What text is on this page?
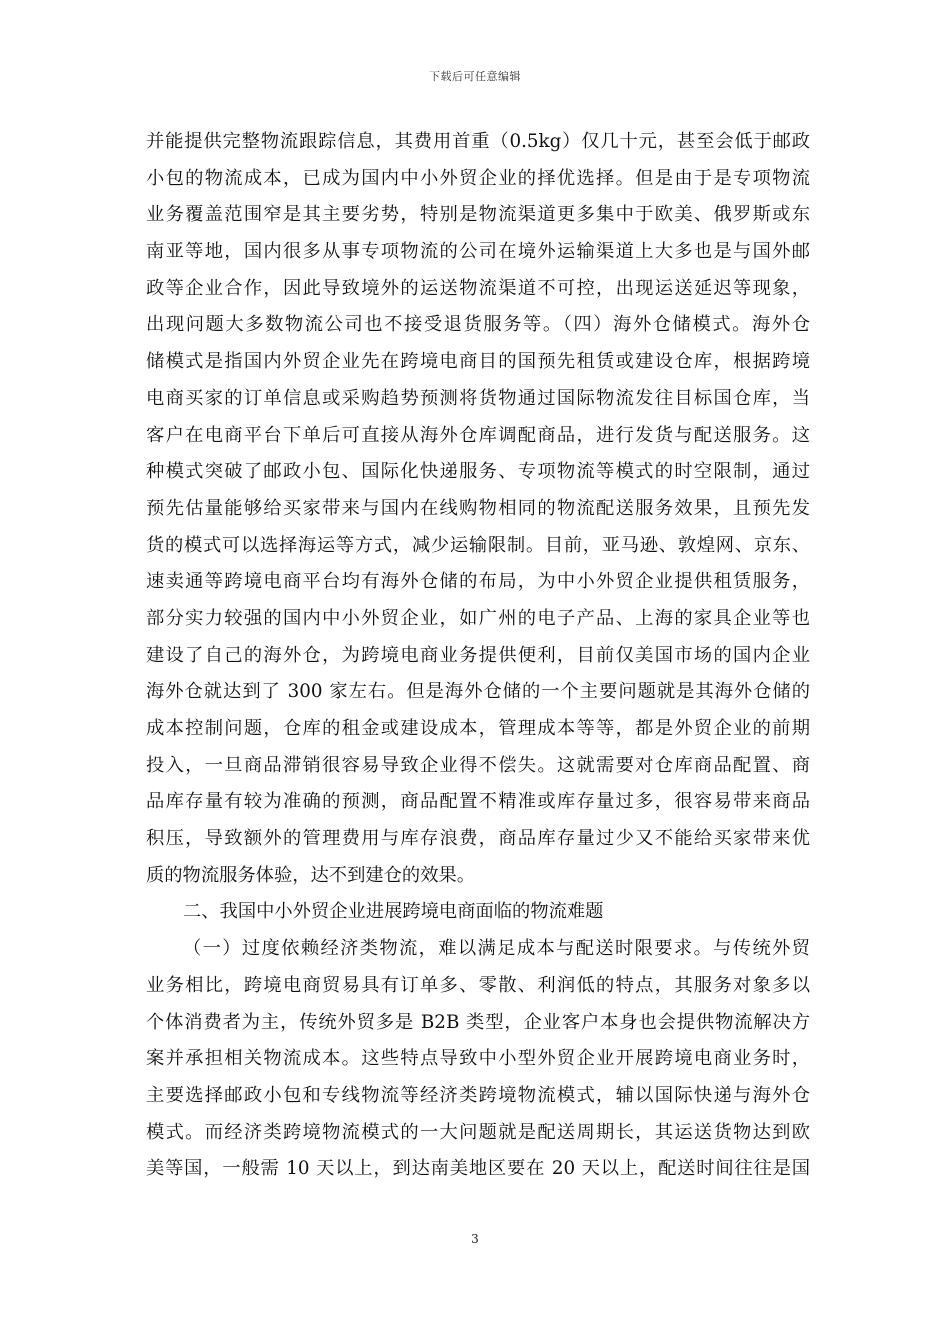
下载后可任意编辑
并能提供完整物流跟踪信息，其费用首重（0.5kg）仅几十元，甚至会低于邮政
小包的物流成本，已成为国内中小外贸企业的择优选择。但是由于是专项物流
业务覆盖范围窄是其主要劣势，特别是物流渠道更多集中于欧美、俄罗斯或东
南亚等地，国内很多从事专项物流的公司在境外运输渠道上大多也是与国外邮
政等企业合作，因此导致境外的运送物流渠道不可控，出现运送延迟等现象，
出现问题大多数物流公司也不接受退货服务等。（四）海外仓储模式。海外仓
储模式是指国内外贸企业先在跨境电商目的国预先租赁或建设仓库，根据跨境
电商买家的订单信息或采购趋势预测将货物通过国际物流发往目标国仓库，当
客户在电商平台下单后可直接从海外仓库调配商品，进行发货与配送服务。这
种模式突破了邮政小包、国际化快递服务、专项物流等模式的时空限制，通过
预先估量能够给买家带来与国内在线购物相同的物流配送服务效果，且预先发
货的模式可以选择海运等方式，减少运输限制。目前，亚马逊、敦煌网、京东、
速卖通等跨境电商平台均有海外仓储的布局，为中小外贸企业提供租赁服务，
部分实力较强的国内中小外贸企业，如广州的电子产品、上海的家具企业等也
建设了自己的海外仓，为跨境电商业务提供便利，目前仅美国市场的国内企业
海外仓就达到了 300 家左右。但是海外仓储的一个主要问题就是其海外仓储的
成本控制问题，仓库的租金或建设成本，管理成本等等，都是外贸企业的前期
投入，一旦商品滞销很容易导致企业得不偿失。这就需要对仓库商品配置、商
品库存量有较为准确的预测，商品配置不精准或库存量过多，很容易带来商品
积压，导致额外的管理费用与库存浪费，商品库存量过少又不能给买家带来优
质的物流服务体验，达不到建仓的效果。
二、我国中小外贸企业进展跨境电商面临的物流难题
（一）过度依赖经济类物流，难以满足成本与配送时限要求。与传统外贸
业务相比，跨境电商贸易具有订单多、零散、利润低的特点，其服务对象多以
个体消费者为主，传统外贸多是 B2B 类型，企业客户本身也会提供物流解决方
案并承担相关物流成本。这些特点导致中小型外贸企业开展跨境电商业务时，
主要选择邮政小包和专线物流等经济类跨境物流模式，辅以国际快递与海外仓
模式。而经济类跨境物流模式的一大问题就是配送周期长，其运送货物达到欧
美等国，一般需 10 天以上，到达南美地区要在 20 天以上，配送时间往往是国
3
